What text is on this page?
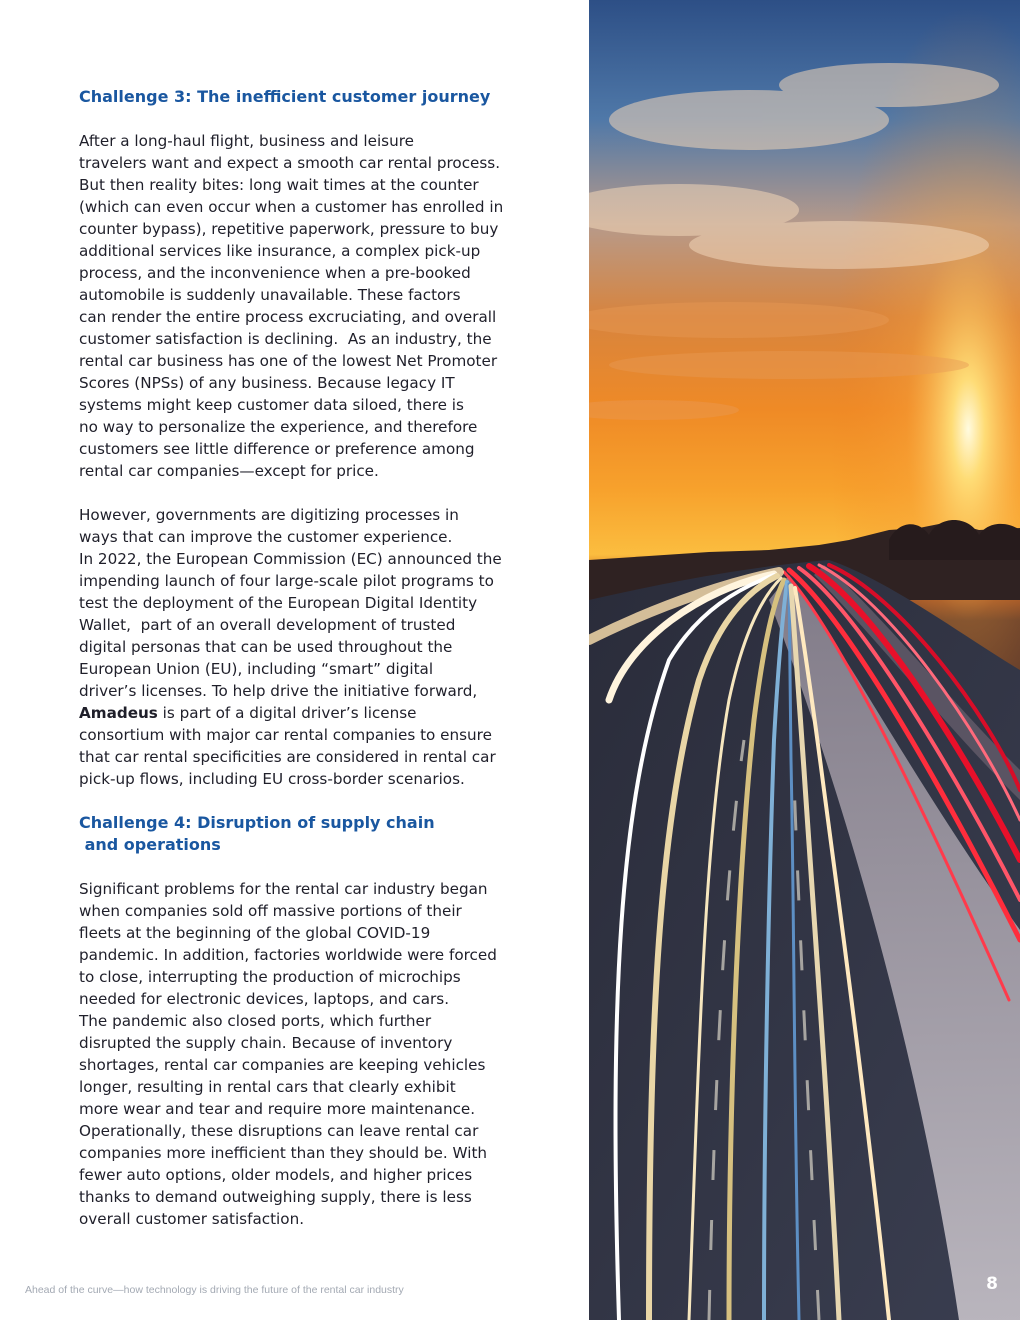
Challenge 3: The inefficient customer journey

After a long-haul flight, business and leisure
travelers want and expect a smooth car rental process.
But then reality bites: long wait times at the counter
(which can even occur when a customer has enrolled in
counter bypass), repetitive paperwork, pressure to buy
additional services like insurance, a complex pick-up
process, and the inconvenience when a pre-booked
automobile is suddenly unavailable. These factors
can render the entire process excruciating, and overall
customer satisfaction is declining.  As an industry, the
rental car business has one of the lowest Net Promoter
Scores (NPSs) of any business. Because legacy IT
systems might keep customer data siloed, there is
no way to personalize the experience, and therefore
customers see little difference or preference among
rental car companies—except for price.

However, governments are digitizing processes in
ways that can improve the customer experience.
In 2022, the European Commission (EC) announced the
impending launch of four large-scale pilot programs to
test the deployment of the European Digital Identity
Wallet,  part of an overall development of trusted
digital personas that can be used throughout the
European Union (EU), including “smart” digital
driver’s licenses. To help drive the initiative forward,
Amadeus is part of a digital driver’s license
consortium with major car rental companies to ensure
that car rental specificities are considered in rental car
pick-up flows, including EU cross-border scenarios.

Challenge 4: Disruption of supply chain
and operations

Significant problems for the rental car industry began
when companies sold off massive portions of their
fleets at the beginning of the global COVID-19
pandemic. In addition, factories worldwide were forced
to close, interrupting the production of microchips
needed for electronic devices, laptops, and cars.
The pandemic also closed ports, which further
disrupted the supply chain. Because of inventory
shortages, rental car companies are keeping vehicles
longer, resulting in rental cars that clearly exhibit
more wear and tear and require more maintenance.
Operationally, these disruptions can leave rental car
companies more inefficient than they should be. With
fewer auto options, older models, and higher prices
thanks to demand outweighing supply, there is less
overall customer satisfaction.

Ahead of the curve—how technology is driving the future of the rental car industry	8
